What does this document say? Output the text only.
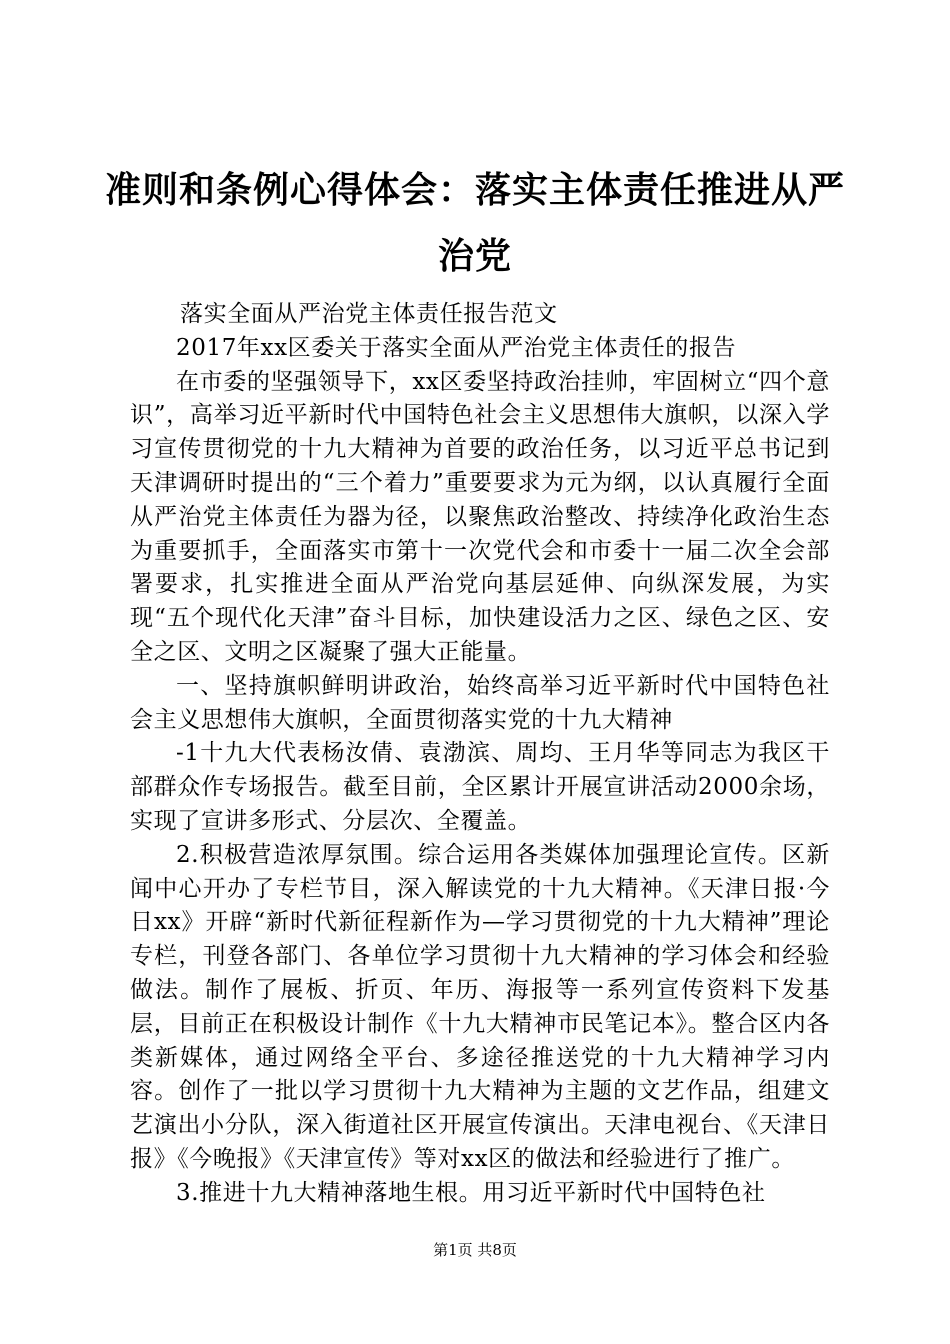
准则和条例心得体会：落实主体责任推进从严治党

落实全面从严治党主体责任报告范文

2017年xx区委关于落实全面从严治党主体责任的报告

在市委的坚强领导下，xx区委坚持政治挂帅，牢固树立“四个意识”，高举习近平新时代中国特色社会主义思想伟大旗帜，以深入学习宣传贯彻党的十九大精神为首要的政治任务，以习近平总书记到天津调研时提出的“三个着力”重要要求为元为纲，以认真履行全面从严治党主体责任为器为径，以聚焦政治整改、持续净化政治生态为重要抓手，全面落实市第十一次党代会和市委十一届二次全会部署要求，扎实推进全面从严治党向基层延伸、向纵深发展，为实现“五个现代化天津”奋斗目标，加快建设活力之区、绿色之区、安全之区、文明之区凝聚了强大正能量。

一、坚持旗帜鲜明讲政治，始终高举习近平新时代中国特色社会主义思想伟大旗帜，全面贯彻落实党的十九大精神

-1十九大代表杨汝倩、袁渤滨、周均、王月华等同志为我区干部群众作专场报告。截至目前，全区累计开展宣讲活动2000余场，实现了宣讲多形式、分层次、全覆盖。

2.积极营造浓厚氛围。综合运用各类媒体加强理论宣传。区新闻中心开办了专栏节目，深入解读党的十九大精神。《天津日报·今日xx》开辟“新时代新征程新作为—学习贯彻党的十九大精神”理论专栏，刊登各部门、各单位学习贯彻十九大精神的学习体会和经验做法。制作了展板、折页、年历、海报等一系列宣传资料下发基层，目前正在积极设计制作《十九大精神市民笔记本》。整合区内各类新媒体，通过网络全平台、多途径推送党的十九大精神学习内容。创作了一批以学习贯彻十九大精神为主题的文艺作品，组建文艺演出小分队，深入街道社区开展宣传演出。天津电视台、《天津日报》《今晚报》《天津宣传》等对xx区的做法和经验进行了推广。

3.推进十九大精神落地生根。用习近平新时代中国特色社

第1页 共8页
